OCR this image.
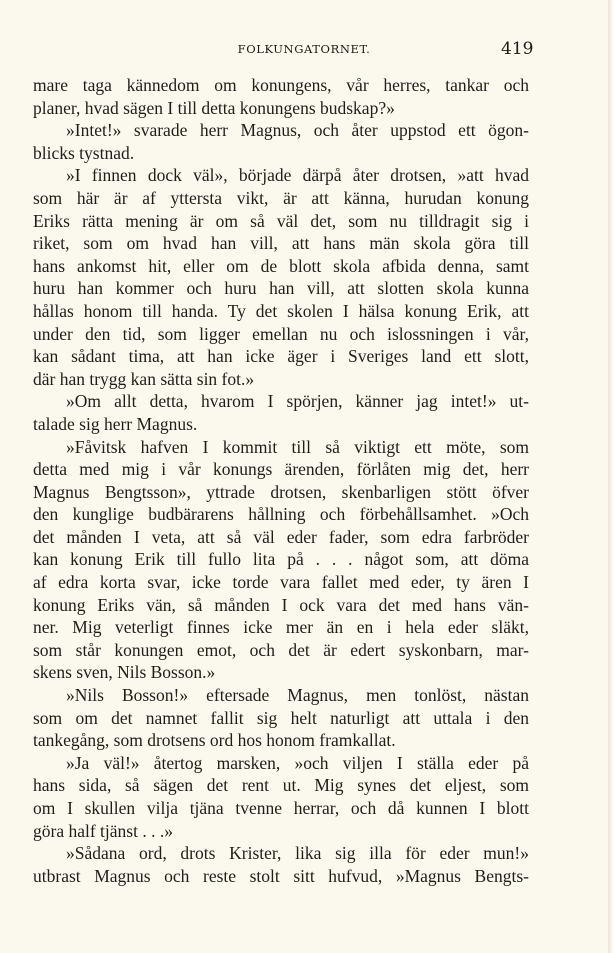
FOLKUNGATORNET.	419
mare taga kännedom om konungens, vår herres, tankar och
planer, hvad sägen I till detta konungens budskap?»
»Intet!» svarade herr Magnus, och åter uppstod ett ögon-
blicks tystnad.
»I finnen dock väl», började därpå åter drotsen, »att hvad
som här är af yttersta vikt, är att känna, hurudan konung
Eriks rätta mening är om så väl det, som nu tilldragit sig i
riket, som om hvad han vill, att hans män skola göra till
hans ankomst hit, eller om de blott skola afbida denna, samt
huru han kommer och huru han vill, att slotten skola kunna
hållas honom till handa. Ty det skolen I hälsa konung Erik, att
under den tid, som ligger emellan nu och islossningen i vår,
kan sådant tima, att han icke äger i Sveriges land ett slott,
där han trygg kan sätta sin fot.»
»Om allt detta, hvarom I spörjen, känner jag intet!» ut-
talade sig herr Magnus.
»Fåvitsk hafven I kommit till så viktigt ett möte, som
detta med mig i vår konungs ärenden, förlåten mig det, herr
Magnus Bengtsson», yttrade drotsen, skenbarligen stött öfver
den kunglige budbärarens hållning och förbehållsamhet. »Och
det månden I veta, att så väl eder fader, som edra farbröder
kan konung Erik till fullo lita på . . . något som, att döma
af edra korta svar, icke torde vara fallet med eder, ty ären I
konung Eriks vän, så månden I ock vara det med hans vän-
ner. Mig veterligt finnes icke mer än en i hela eder släkt,
som står konungen emot, och det är edert syskonbarn, mar-
skens sven, Nils Bosson.»
»Nils Bosson!» eftersade Magnus, men tonlöst, nästan
som om det namnet fallit sig helt naturligt att uttala i den
tankegång, som drotsens ord hos honom framkallat.
»Ja väl!» återtog marsken, »och viljen I ställa eder på
hans sida, så sägen det rent ut. Mig synes det eljest, som
om I skullen vilja tjäna tvenne herrar, och då kunnen I blott
göra half tjänst . . .»
»Sådana ord, drots Krister, lika sig illa för eder mun!»
utbrast Magnus och reste stolt sitt hufvud, »Magnus Bengts-
